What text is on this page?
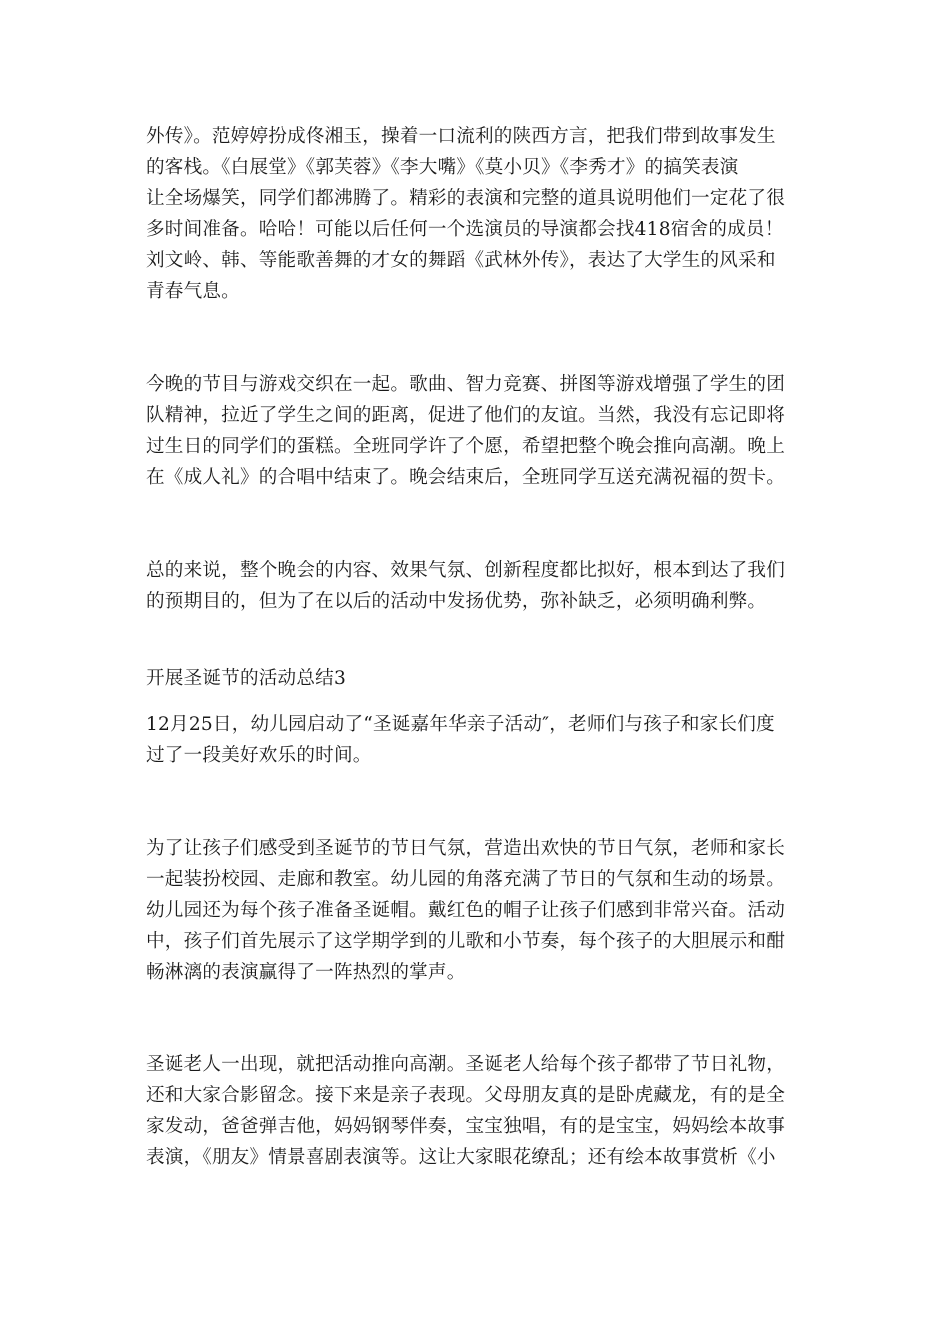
外传》。范婷婷扮成佟湘玉，操着一口流利的陕西方言，把我们带到故事发生
的客栈。《白展堂》《郭芙蓉》《李大嘴》《莫小贝》《李秀才》的搞笑表演
让全场爆笑，同学们都沸腾了。精彩的表演和完整的道具说明他们一定花了很
多时间准备。哈哈！可能以后任何一个选演员的导演都会找418宿舍的成员！
刘文岭、韩、等能歌善舞的才女的舞蹈《武林外传》，表达了大学生的风采和
青春气息。

今晚的节目与游戏交织在一起。歌曲、智力竞赛、拼图等游戏增强了学生的团
队精神，拉近了学生之间的距离，促进了他们的友谊。当然，我没有忘记即将
过生日的同学们的蛋糕。全班同学许了个愿，希望把整个晚会推向高潮。晚上
在《成人礼》的合唱中结束了。晚会结束后，全班同学互送充满祝福的贺卡。

总的来说，整个晚会的内容、效果气氛、创新程度都比拟好，根本到达了我们
的预期目的，但为了在以后的活动中发扬优势，弥补缺乏，必须明确利弊。

开展圣诞节的活动总结3

12月25日，幼儿园启动了“圣诞嘉年华亲子活动″，老师们与孩子和家长们度
过了一段美好欢乐的时间。

为了让孩子们感受到圣诞节的节日气氛，营造出欢快的节日气氛，老师和家长
一起装扮校园、走廊和教室。幼儿园的角落充满了节日的气氛和生动的场景。
幼儿园还为每个孩子准备圣诞帽。戴红色的帽子让孩子们感到非常兴奋。活动
中，孩子们首先展示了这学期学到的儿歌和小节奏，每个孩子的大胆展示和酣
畅淋漓的表演赢得了一阵热烈的掌声。

圣诞老人一出现，就把活动推向高潮。圣诞老人给每个孩子都带了节日礼物，
还和大家合影留念。接下来是亲子表现。父母朋友真的是卧虎藏龙，有的是全
家发动，爸爸弹吉他，妈妈钢琴伴奏，宝宝独唱，有的是宝宝，妈妈绘本故事
表演，《朋友》情景喜剧表演等。这让大家眼花缭乱；还有绘本故事赏析《小
